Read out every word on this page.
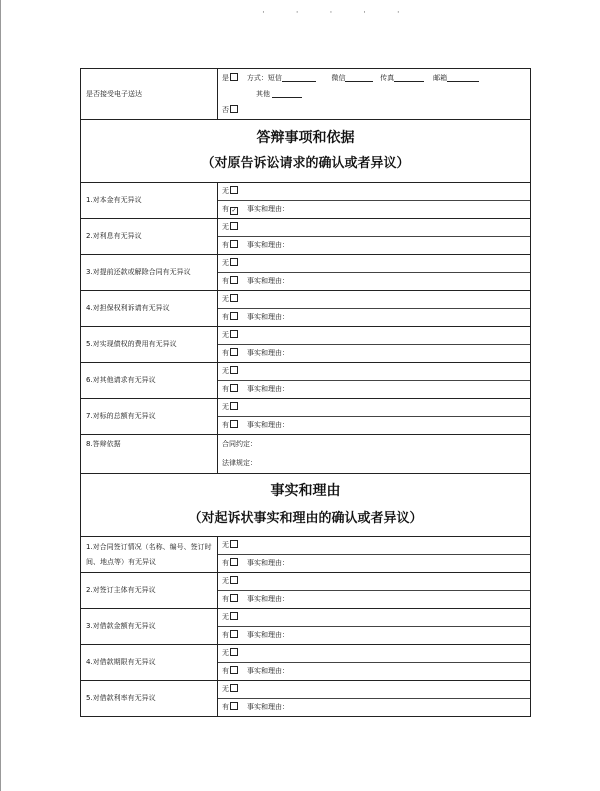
· · · · ·
是否接受电子送达	是 方式：短信 微信 传真 邮箱
其他
否

答辩事项和依据
（对原告诉讼请求的确认或者异议）	

1.对本金有无异议	无
有 ✓ 事实和理由：

2.对利息有无异议	无
有 事实和理由：

3.对提前还款或解除合同有无异议	无
有 事实和理由：

4.对担保权利诉请有无异议	无
有 事实和理由：

5.对实现债权的费用有无异议	无
有 事实和理由：

6.对其他请求有无异议	无
有 事实和理由：

7.对标的总额有无异议	无
有 事实和理由：

8.答辩依据	合同约定：
法律规定：

事实和理由
（对起诉状事实和理由的确认或者异议）	

1.对合同签订情况（名称、编号、签订时间、地点等）有无异议	无
有 事实和理由：

2.对签订主体有无异议	无
有 事实和理由：

3.对借款金额有无异议	无
有 事实和理由：

4.对借款期限有无异议	无
有 事实和理由：

5.对借款利率有无异议	无
有 事实和理由：
